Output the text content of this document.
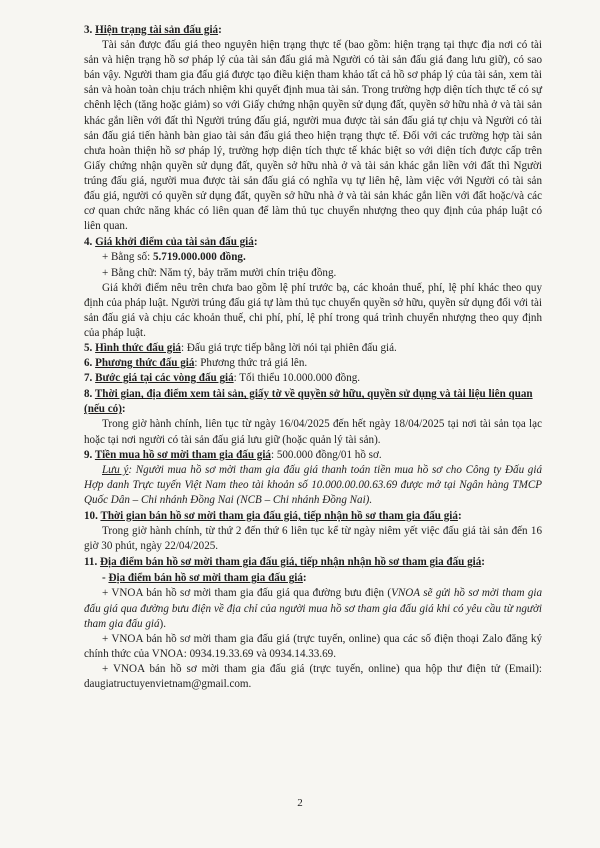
3. Hiện trạng tài sản đấu giá:

Tài sản được đấu giá theo nguyên hiện trạng thực tế (bao gồm: hiện trạng tại thực địa nơi có tài sản và hiện trạng hồ sơ pháp lý của tài sản đấu giá mà Người có tài sản đấu giá đang lưu giữ), có sao bán vậy. Người tham gia đấu giá được tạo điều kiện tham khảo tất cả hồ sơ pháp lý của tài sản, xem tài sản và hoàn toàn chịu trách nhiệm khi quyết định mua tài sản. Trong trường hợp diện tích thực tế có sự chênh lệch (tăng hoặc giảm) so với Giấy chứng nhận quyền sử dụng đất, quyền sở hữu nhà ở và tài sản khác gắn liền với đất thì Người trúng đấu giá, người mua được tài sản đấu giá tự chịu và Người có tài sản đấu giá tiến hành bàn giao tài sản đấu giá theo hiện trạng thực tế. Đối với các trường hợp tài sản chưa hoàn thiện hồ sơ pháp lý, trường hợp diện tích thực tế khác biệt so với diện tích được cấp trên Giấy chứng nhận quyền sử dụng đất, quyền sở hữu nhà ở và tài sản khác gắn liền với đất thì Người trúng đấu giá, người mua được tài sản đấu giá có nghĩa vụ tự liên hệ, làm việc với Người có tài sản đấu giá, người có quyền sử dụng đất, quyền sở hữu nhà ở và tài sản khác gắn liền với đất hoặc/và các cơ quan chức năng khác có liên quan để làm thủ tục chuyển nhượng theo quy định của pháp luật có liên quan.

4. Giá khởi điểm của tài sản đấu giá:

+ Bằng số: 5.719.000.000 đồng.

+ Bằng chữ: Năm tỷ, bảy trăm mười chín triệu đồng.

Giá khởi điểm nêu trên chưa bao gồm lệ phí trước bạ, các khoản thuế, phí, lệ phí khác theo quy định của pháp luật. Người trúng đấu giá tự làm thủ tục chuyển quyền sở hữu, quyền sử dụng đối với tài sản đấu giá và chịu các khoản thuế, chi phí, phí, lệ phí trong quá trình chuyển nhượng theo quy định của pháp luật.

5. Hình thức đấu giá: Đấu giá trực tiếp bằng lời nói tại phiên đấu giá.

6. Phương thức đấu giá: Phương thức trả giá lên.

7. Bước giá tại các vòng đấu giá: Tối thiểu 10.000.000 đồng.

8. Thời gian, địa điểm xem tài sản, giấy tờ về quyền sở hữu, quyền sử dụng và tài liệu liên quan (nếu có):

Trong giờ hành chính, liên tục từ ngày 16/04/2025 đến hết ngày 18/04/2025 tại nơi tài sản tọa lạc hoặc tại nơi người có tài sản đấu giá lưu giữ (hoặc quản lý tài sản).

9. Tiền mua hồ sơ mời tham gia đấu giá: 500.000 đồng/01 hồ sơ.

Lưu ý: Người mua hồ sơ mời tham gia đấu giá thanh toán tiền mua hồ sơ cho Công ty Đấu giá Hợp danh Trực tuyến Việt Nam theo tài khoản số 10.000.00.00.63.69 được mở tại Ngân hàng TMCP Quốc Dân – Chi nhánh Đồng Nai (NCB – Chi nhánh Đồng Nai).

10. Thời gian bán hồ sơ mời tham gia đấu giá, tiếp nhận hồ sơ tham gia đấu giá:

Trong giờ hành chính, từ thứ 2 đến thứ 6 liên tục kể từ ngày niêm yết việc đấu giá tài sản đến 16 giờ 30 phút, ngày 22/04/2025.

11. Địa điểm bán hồ sơ mời tham gia đấu giá, tiếp nhận nhận hồ sơ tham gia đấu giá:
- Địa điểm bán hồ sơ mời tham gia đấu giá:

+ VNOA bán hồ sơ mời tham gia đấu giá qua đường bưu điện (VNOA sẽ gửi hồ sơ mời tham gia đấu giá qua đường bưu điện về địa chỉ của người mua hồ sơ tham gia đấu giá khi có yêu cầu từ người tham gia đấu giá).

+ VNOA bán hồ sơ mời tham gia đấu giá (trực tuyến, online) qua các số điện thoại Zalo đăng ký chính thức của VNOA: 0934.19.33.69 và 0934.14.33.69.

+ VNOA bán hồ sơ mời tham gia đấu giá (trực tuyến, online) qua hộp thư điện tử (Email): daugiatructuyenvietnam@gmail.com.

2
